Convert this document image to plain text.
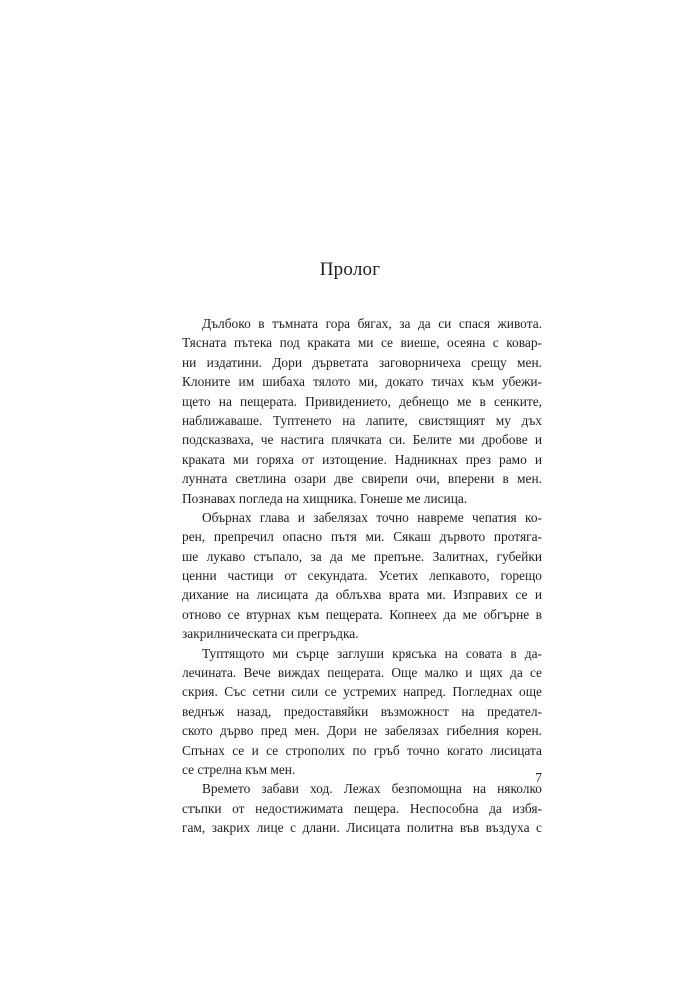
Пролог
Дълбоко в тъмната гора бягах, за да си спася живота.
Тясната пътека под краката ми се виеше, осеяна с ковар-
ни издатини. Дори дърветата заговорничеха срещу мен.
Клоните им шибаха тялото ми, докато тичах към убежи-
щето на пещерата. Привидението, дебнещо ме в сенките,
наближаваше. Туптенето на лапите, свистящият му дъх
подсказваха, че настига плячката си. Белите ми дробове и
краката ми горяха от изтощение. Надникнах през рамо и
лунната светлина озари две свирепи очи, вперени в мен.
Познавах погледа на хищника. Гонеше ме лисица.
Обърнах глава и забелязах точно навреме чепатия ко-
рен, препречил опасно пътя ми. Сякаш дървото протяга-
ше лукаво стъпало, за да ме препъне. Залитнах, губейки
ценни частици от секундата. Усетих лепкавото, горещо
дихание на лисицата да облъхва врата ми. Изправих се и
отново се втурнах към пещерата. Копнеех да ме обгърне в
закрилническата си прегръдка.
Туптящото ми сърце заглуши крясъка на совата в да-
лечината. Вече виждах пещерата. Още малко и щях да се
скрия. Със сетни сили се устремих напред. Погледнах още
веднъж назад, предоставяйки възможност на предател-
ското дърво пред мен. Дори не забелязах гибелния корен.
Спънах се и се строполих по гръб точно когато лисицата
се стрелна към мен.
Времето забави ход. Лежах безпомощна на няколко
стъпки от недостижимата пещера. Неспособна да избя-
гам, закрих лице с длани. Лисицата политна във въздуха с
7
